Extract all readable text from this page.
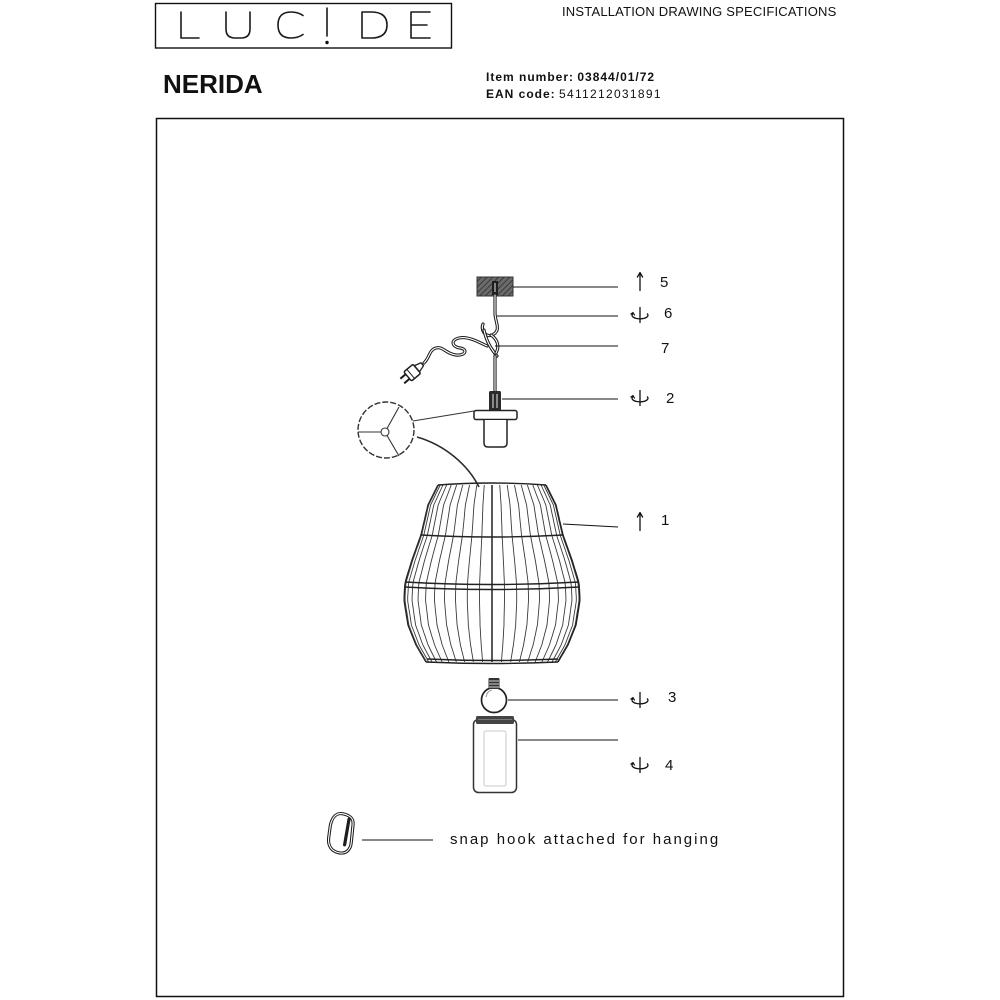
INSTALLATION DRAWING SPECIFICATIONS
NERIDA	Item number: 03844/01/72
EAN code: 5411212031891
5
6
7
2
1
3
4
snap hook attached for hanging
